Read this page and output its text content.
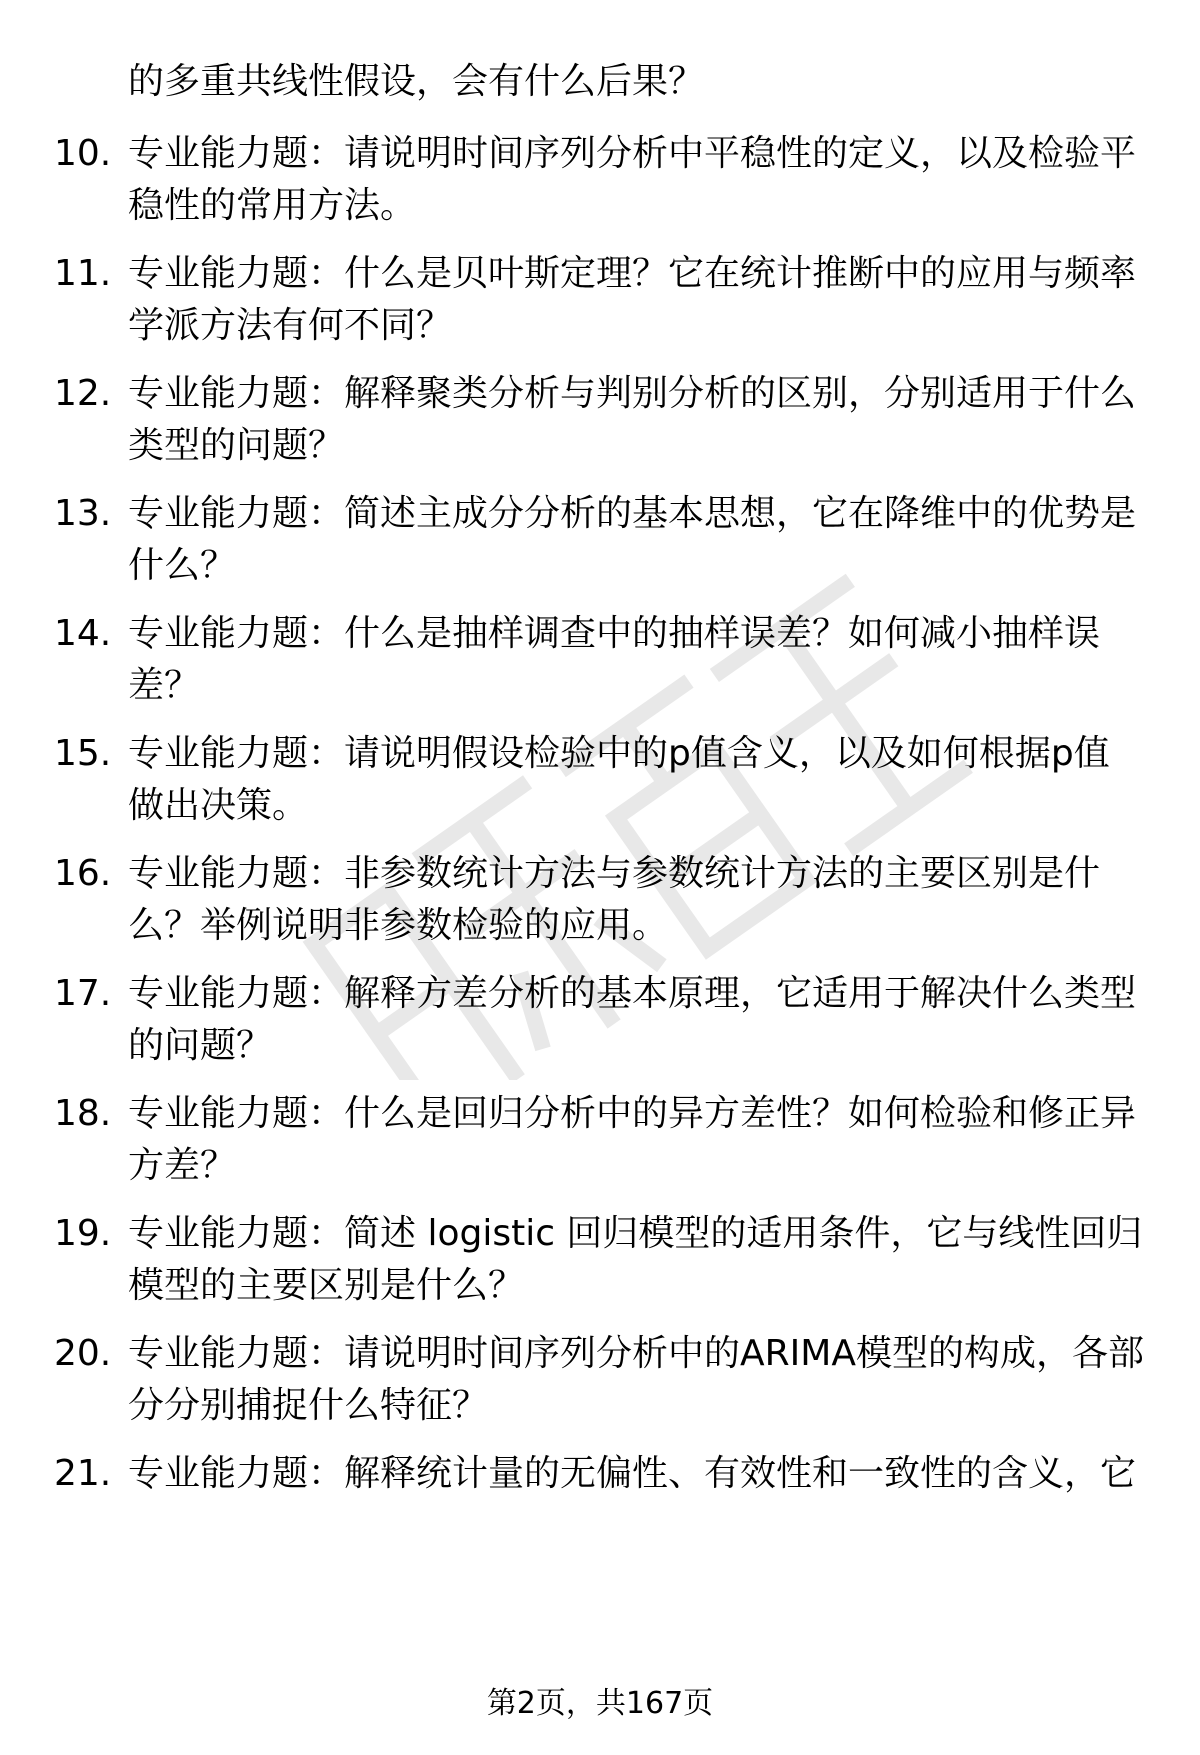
的多重共线性假设，会有什么后果？
10. 专业能力题：请说明时间序列分析中平稳性的定义，以及检验平稳性的常用方法。
11. 专业能力题：什么是贝叶斯定理？它在统计推断中的应用与频率学派方法有何不同？
12. 专业能力题：解释聚类分析与判别分析的区别，分别适用于什么类型的问题？
13. 专业能力题：简述主成分分析的基本思想，它在降维中的优势是什么？
14. 专业能力题：什么是抽样调查中的抽样误差？如何减小抽样误差？
15. 专业能力题：请说明假设检验中的p值含义，以及如何根据p值做出决策。
16. 专业能力题：非参数统计方法与参数统计方法的主要区别是什么？举例说明非参数检验的应用。
17. 专业能力题：解释方差分析的基本原理，它适用于解决什么类型的问题？
18. 专业能力题：什么是回归分析中的异方差性？如何检验和修正异方差？
19. 专业能力题：简述 logistic 回归模型的适用条件，它与线性回归模型的主要区别是什么？
20. 专业能力题：请说明时间序列分析中的ARIMA模型的构成，各部分分别捕捉什么特征？
21. 专业能力题：解释统计量的无偏性、有效性和一致性的含义，它
第2页，共167页
